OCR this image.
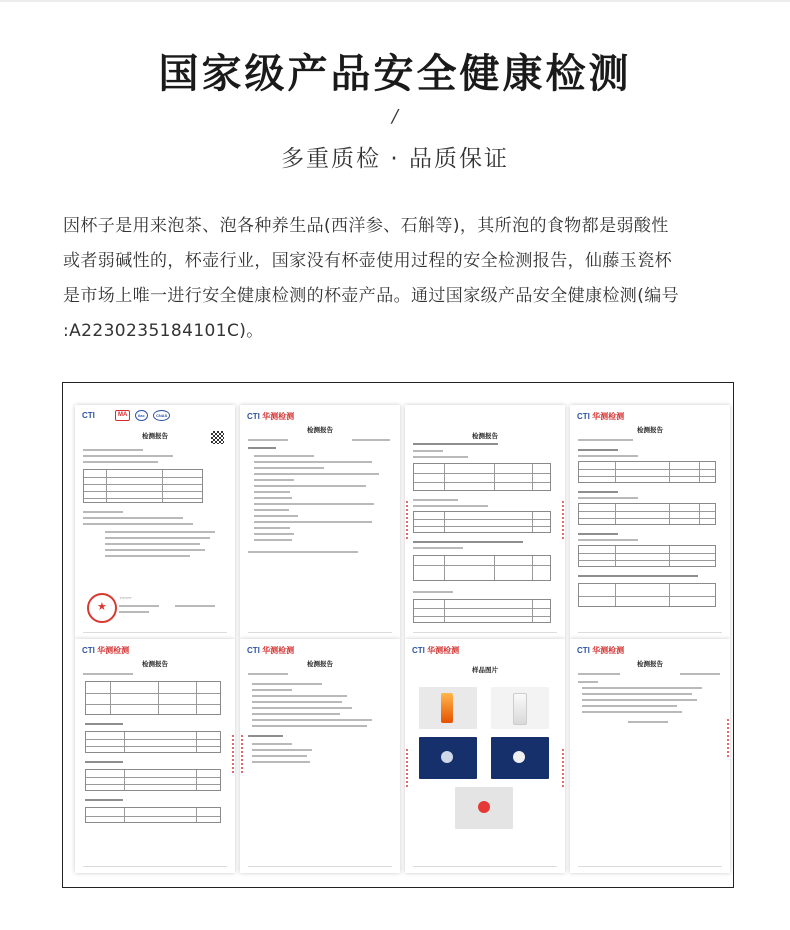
国家级产品安全健康检测
/
多重质检 · 品质保证
因杯子是用来泡茶、泡各种养生品(西洋参、石斛等)，其所泡的食物都是弱酸性
或者弱碱性的，杯壶行业，国家没有杯壶使用过程的安全检测报告，仙藤玉瓷杯
是市场上唯一进行安全健康检测的杯壶产品。通过国家级产品安全健康检测(编号
:A2230235184101C)。
CTI	MA	ilac	CNAS
检测报告
★
〰〰
CTI 华测检测
检测报告
检测报告
CTI 华测检测
检测报告
CTI 华测检测
检测报告
CTI 华测检测
检测报告
CTI 华测检测
样品图片
CTI 华测检测
检测报告
